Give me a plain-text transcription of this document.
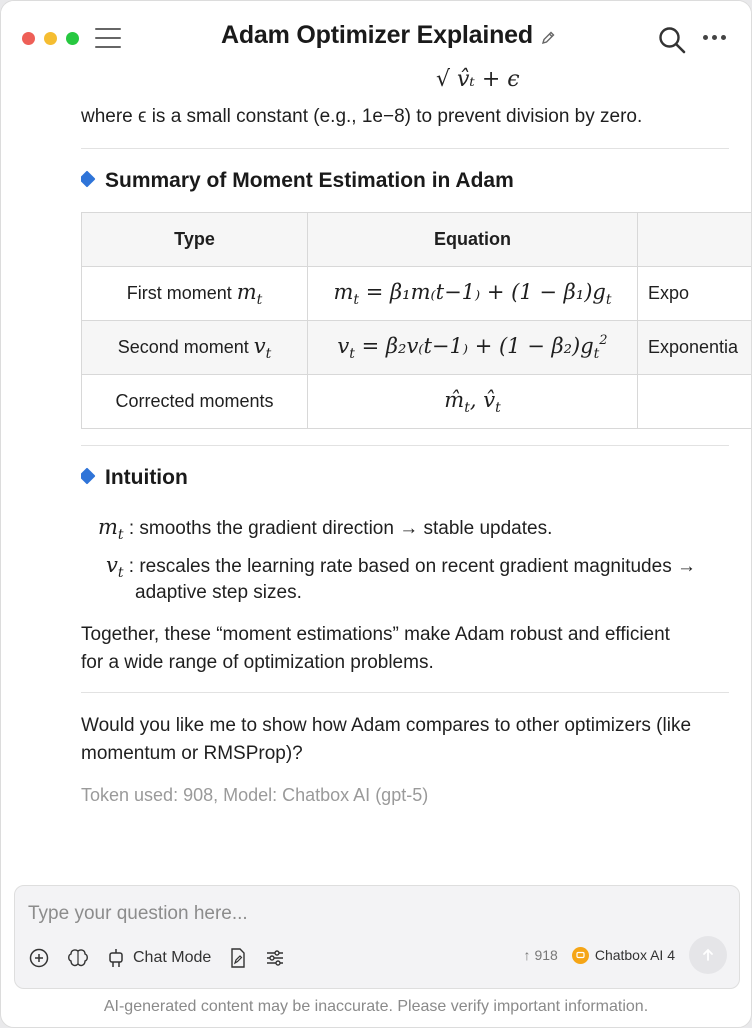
Adam Optimizer Explained
√ v̂ₜ + ϵ
where ϵ is a small constant (e.g., 1e−8) to prevent division by zero.
Summary of Moment Estimation in Adam
Type	Equation	
First moment $m_t$	$m_t = \beta_1m_(t-1_) + (1 - \beta_1)g_t$	Expo
Second moment $v_t$	$v_t = \beta_2v_(t-1_) + (1 - \beta_2)g_t^2$	Exponentia
Corrected moments	$m̂_t$, $v̂_t$	
Intuition
$m_t$ : smooths the gradient direction → stable updates.
$v_t$ : rescales the learning rate based on recent gradient magnitudes →
adaptive step sizes.
Together, these “moment estimations” make Adam robust and efficient
for a wide range of optimization problems.
Would you like me to show how Adam compares to other optimizers (like
momentum or RMSProp)?
Token used: 908, Model: Chatbox AI (gpt-5)
Type your question here...
Chat Mode	↑ 918	Chatbox AI 4
AI-generated content may be inaccurate. Please verify important information.
